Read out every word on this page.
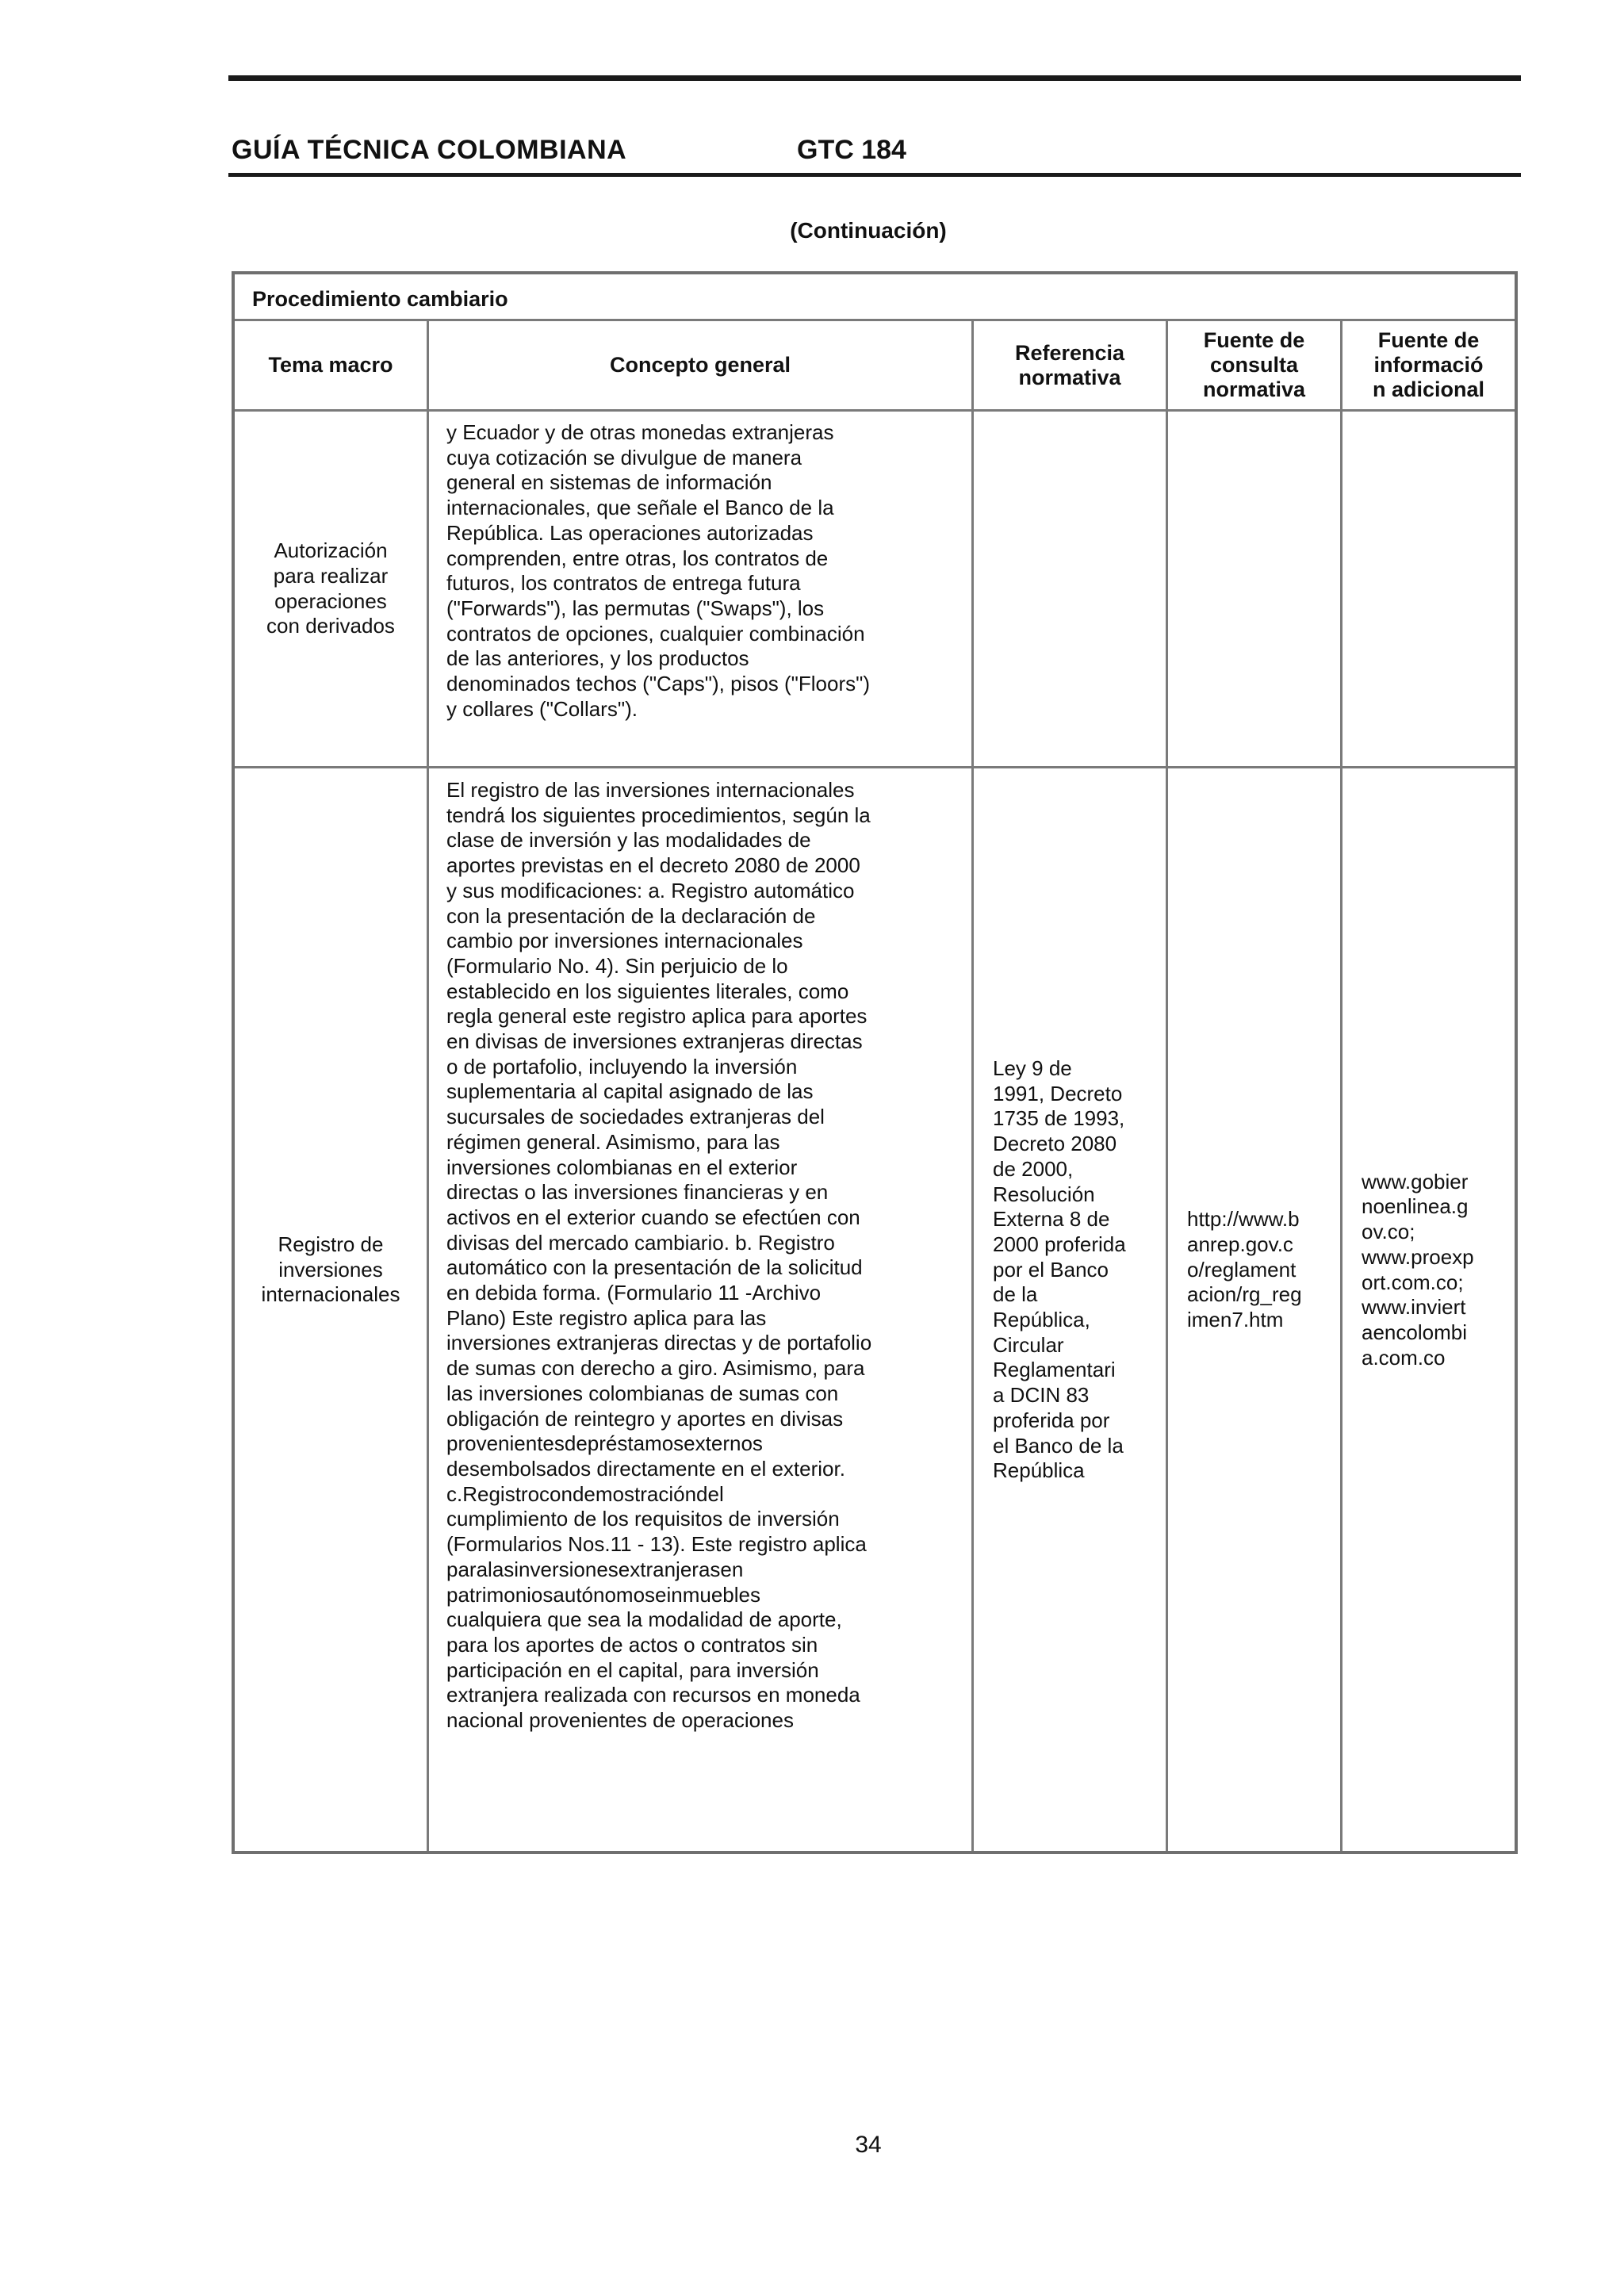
GUÍA TÉCNICA COLOMBIANA	GTC 184
(Continuación)
Procedimiento cambiario
Tema macro	Concepto general
Referencia
normativa
Fuente de
consulta
normativa
Fuente de
informació
n adicional
Autorización
para realizar
operaciones
con derivados
y Ecuador y de otras monedas extranjeras
cuya cotización se divulgue de manera
general en sistemas de información
internacionales, que señale el Banco de la
República. Las operaciones autorizadas
comprenden, entre otras, los contratos de
futuros, los contratos de entrega futura
("Forwards"), las permutas ("Swaps"), los
contratos de opciones, cualquier combinación
de las anteriores, y los productos
denominados techos ("Caps"), pisos ("Floors")
y collares ("Collars").
Registro de
inversiones
internacionales
El registro de las inversiones internacionales
tendrá los siguientes procedimientos, según la
clase de inversión y las modalidades de
aportes previstas en el decreto 2080 de 2000
y sus modificaciones: a. Registro automático
con la presentación de la declaración de
cambio por inversiones internacionales
(Formulario No. 4). Sin perjuicio de lo
establecido en los siguientes literales, como
regla general este registro aplica para aportes
en divisas de inversiones extranjeras directas
o de portafolio, incluyendo la inversión
suplementaria al capital asignado de las
sucursales de sociedades extranjeras del
régimen general. Asimismo, para las
inversiones colombianas en el exterior
directas o las inversiones financieras y en
activos en el exterior cuando se efectúen con
divisas del mercado cambiario. b. Registro
automático con la presentación de la solicitud
en debida forma. (Formulario 11 -Archivo
Plano) Este registro aplica para las
inversiones extranjeras directas y de portafolio
de sumas con derecho a giro. Asimismo, para
las inversiones colombianas de sumas con
obligación de reintegro y aportes en divisas
provenientesdepréstamosexternos
desembolsados directamente en el exterior.
c.Registrocondemostracióndel
cumplimiento de los requisitos de inversión
(Formularios Nos.11 - 13). Este registro aplica
paralasinversionesextranjerasen
patrimoniosautónomoseinmuebles
cualquiera que sea la modalidad de aporte,
para los aportes de actos o contratos sin
participación en el capital, para inversión
extranjera realizada con recursos en moneda
nacional provenientes de operaciones
Ley 9 de
1991, Decreto
1735 de 1993,
Decreto 2080
de 2000,
Resolución
Externa 8 de
2000 proferida
por el Banco
de la
República,
Circular
Reglamentari
a DCIN 83
proferida por
el Banco de la
República
http://www.b
anrep.gov.c
o/reglament
acion/rg_reg
imen7.htm
www.gobier
noenlinea.g
ov.co;
www.proexp
ort.com.co;
www.inviert
aencolombi
a.com.co
34
